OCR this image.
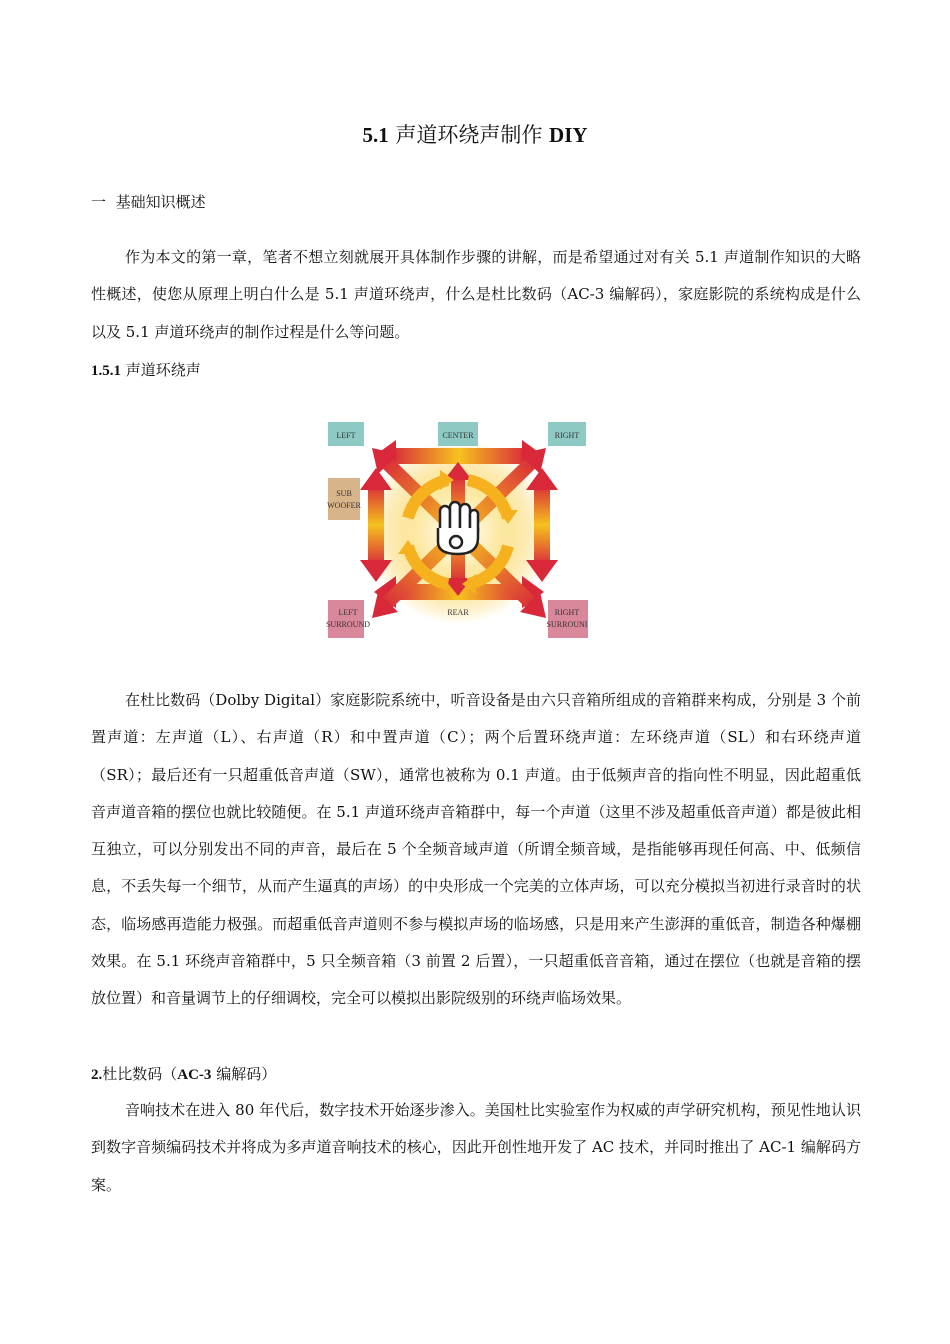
5.1 声道环绕声制作 DIY
一 基础知识概述

作为本文的第一章，笔者不想立刻就展开具体制作步骤的讲解，而是希望通过对有关 5.1 声道制作知识的大略性概述，使您从原理上明白什么是 5.1 声道环绕声，什么是杜比数码（AC-3 编解码），家庭影院的系统构成是什么以及 5.1 声道环绕声的制作过程是什么等问题。

1.5.1 声道环绕声
LEFT	CENTER	RIGHT
SUB
WOOFER
LEFT
SURROUND
RIGHT
SURROUNI
REAR

在杜比数码（Dolby Digital）家庭影院系统中，听音设备是由六只音箱所组成的音箱群来构成，分别是 3 个前置声道：左声道（L）、右声道（R）和中置声道（C）；两个后置环绕声道：左环绕声道（SL）和右环绕声道（SR）；最后还有一只超重低音声道（SW），通常也被称为 0.1 声道。由于低频声音的指向性不明显，因此超重低音声道音箱的摆位也就比较随便。在 5.1 声道环绕声音箱群中，每一个声道（这里不涉及超重低音声道）都是彼此相互独立，可以分别发出不同的声音，最后在 5 个全频音域声道（所谓全频音域，是指能够再现任何高、中、低频信息，不丢失每一个细节，从而产生逼真的声场）的中央形成一个完美的立体声场，可以充分模拟当初进行录音时的状态，临场感再造能力极强。而超重低音声道则不参与模拟声场的临场感，只是用来产生澎湃的重低音，制造各种爆棚效果。在 5.1 环绕声音箱群中，5 只全频音箱（3 前置 2 后置），一只超重低音音箱，通过在摆位（也就是音箱的摆放位置）和音量调节上的仔细调校，完全可以模拟出影院级别的环绕声临场效果。

2.杜比数码（AC-3 编解码）

音响技术在进入 80 年代后，数字技术开始逐步渗入。美国杜比实验室作为权威的声学研究机构，预见性地认识到数字音频编码技术并将成为多声道音响技术的核心，因此开创性地开发了 AC 技术，并同时推出了 AC-1 编解码方案。
